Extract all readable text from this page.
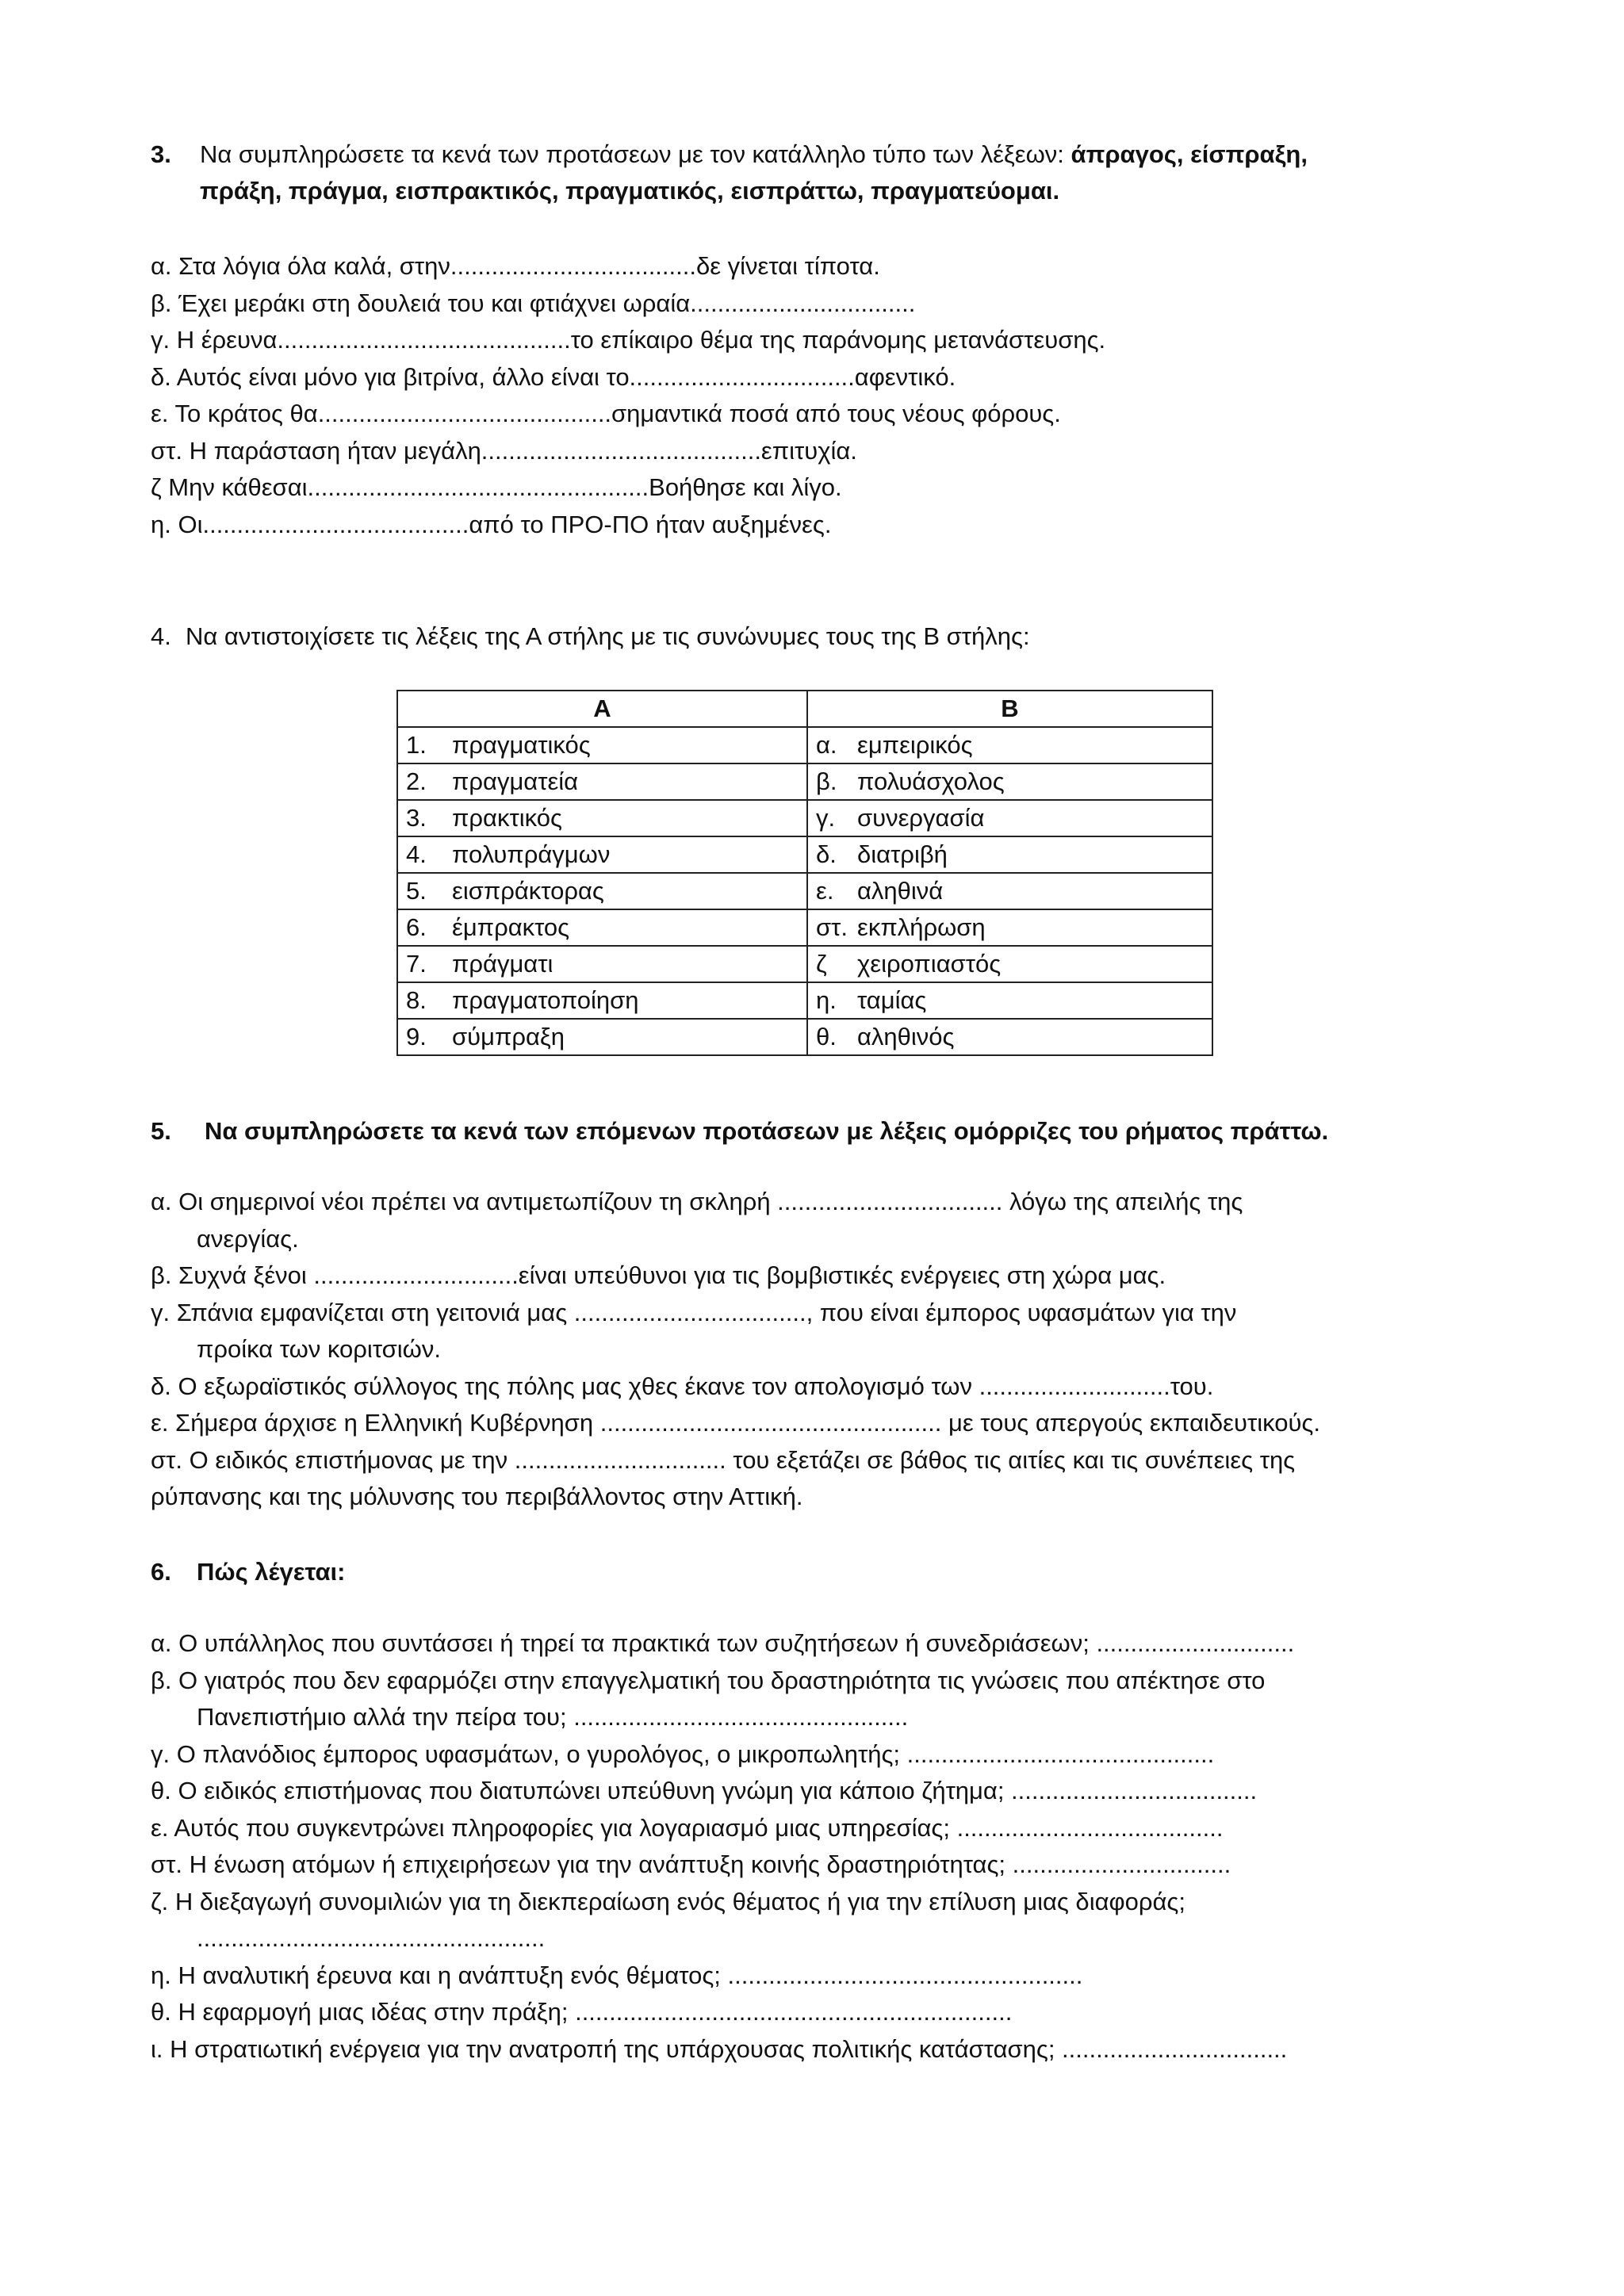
3. Να συμπληρώσετε τα κενά των προτάσεων με τον κατάλληλο τύπο των λέξεων: άπραγος, είσπραξη,
πράξη, πράγμα, εισπρακτικός, πραγματικός, εισπράττω, πραγματεύομαι.
α. Στα λόγια όλα καλά, στην....................................δε γίνεται τίποτα.
β. Έχει μεράκι στη δουλειά του και φτιάχνει ωραία.................................
γ. Η έρευνα...........................................το επίκαιρο θέμα της παράνομης μετανάστευσης.
δ. Αυτός είναι μόνο για βιτρίνα, άλλο είναι το.................................αφεντικό.
ε. Το κράτος θα...........................................σημαντικά ποσά από τους νέους φόρους.
στ. Η παράσταση ήταν μεγάλη.........................................επιτυχία.
ζ Μην κάθεσαι..................................................Βοήθησε και λίγο.
η. Οι.......................................από το ΠΡΟ-ΠΟ ήταν αυξημένες.
4. Να αντιστοιχίσετε τις λέξεις της Α στήλης με τις συνώνυμες τους της Β στήλης:
Α	Β
1. πραγματικός	α. εμπειρικός
2. πραγματεία	β. πολυάσχολος
3. πρακτικός	γ. συνεργασία
4. πολυπράγμων	δ. διατριβή
5. εισπράκτορας	ε. αληθινά
6. έμπρακτος	στ. εκπλήρωση
7. πράγματι	ζ χειροπιαστός
8. πραγματοποίηση	η. ταμίας
9. σύμπραξη	θ. αληθινός
5. Να συμπληρώσετε τα κενά των επόμενων προτάσεων με λέξεις ομόρριζες του ρήματος πράττω.
α. Οι σημερινοί νέοι πρέπει να αντιμετωπίζουν τη σκληρή ................................. λόγω της απειλής της
ανεργίας.
β. Συχνά ξένοι ..............................είναι υπεύθυνοι για τις βομβιστικές ενέργειες στη χώρα μας.
γ. Σπάνια εμφανίζεται στη γειτονιά μας .................................., που είναι έμπορος υφασμάτων για την
προίκα των κοριτσιών.
δ. Ο εξωραϊστικός σύλλογος της πόλης μας χθες έκανε τον απολογισμό των ............................του.
ε. Σήμερα άρχισε η Ελληνική Κυβέρνηση .................................................. με τους απεργούς εκπαιδευτικούς.
στ. Ο ειδικός επιστήμονας με την ............................... του εξετάζει σε βάθος τις αιτίες και τις συνέπειες της
ρύπανσης και της μόλυνσης του περιβάλλοντος στην Αττική.
6. Πώς λέγεται:
α. Ο υπάλληλος που συντάσσει ή τηρεί τα πρακτικά των συζητήσεων ή συνεδριάσεων; .............................
β. Ο γιατρός που δεν εφαρμόζει στην επαγγελματική του δραστηριότητα τις γνώσεις που απέκτησε στο
Πανεπιστήμιο αλλά την πείρα του; .................................................
γ. Ο πλανόδιος έμπορος υφασμάτων, ο γυρολόγος, ο μικροπωλητής; .............................................
θ. Ο ειδικός επιστήμονας που διατυπώνει υπεύθυνη γνώμη για κάποιο ζήτημα; ....................................
ε. Αυτός που συγκεντρώνει πληροφορίες για λογαριασμό μιας υπηρεσίας; .......................................
στ. Η ένωση ατόμων ή επιχειρήσεων για την ανάπτυξη κοινής δραστηριότητας; ................................
ζ. Η διεξαγωγή συνομιλιών για τη διεκπεραίωση ενός θέματος ή για την επίλυση μιας διαφοράς;
...................................................
η. Η αναλυτική έρευνα και η ανάπτυξη ενός θέματος; ....................................................
θ. Η εφαρμογή μιας ιδέας στην πράξη; ................................................................
ι. Η στρατιωτική ενέργεια για την ανατροπή της υπάρχουσας πολιτικής κατάστασης; .................................
